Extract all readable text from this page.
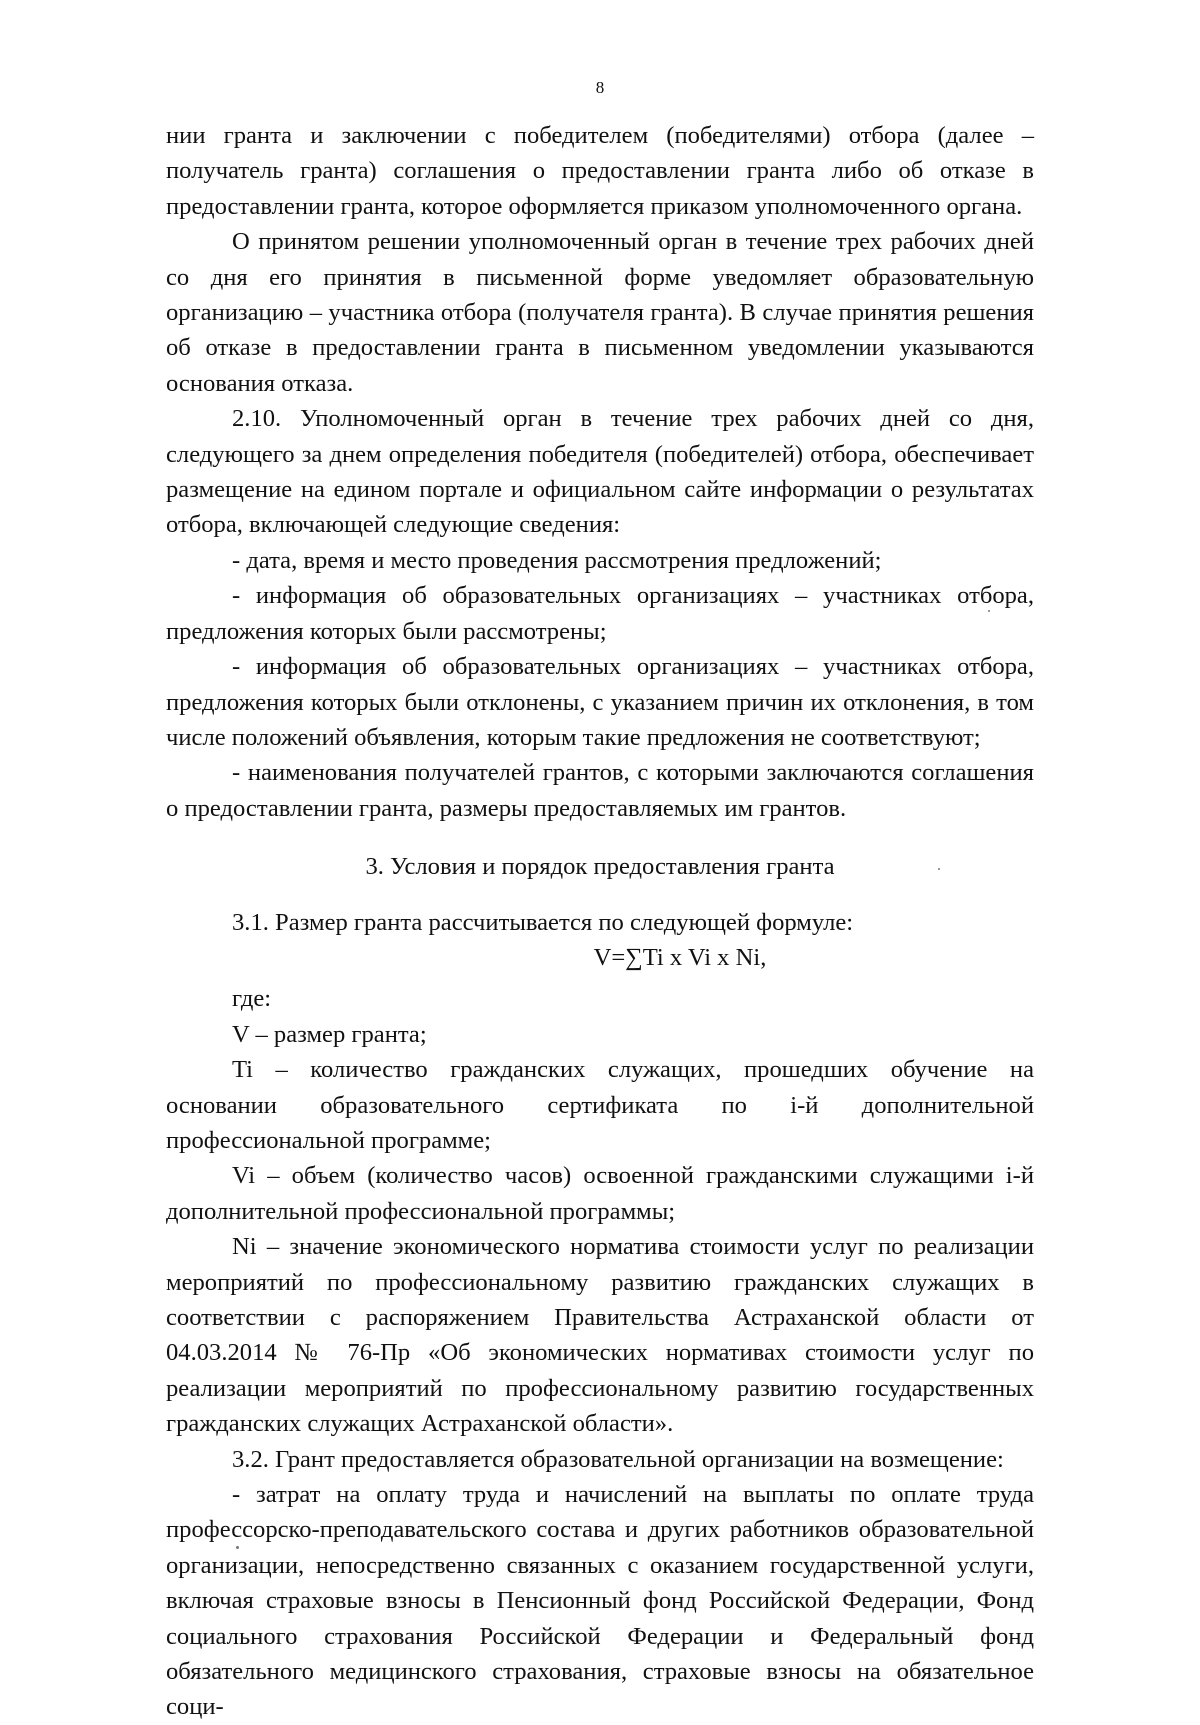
8

нии гранта и заключении с победителем (победителями) отбора (далее – получатель гранта) соглашения о предоставлении гранта либо об отказе в предоставлении гранта, которое оформляется приказом уполномоченного органа.

О принятом решении уполномоченный орган в течение трех рабочих дней со дня его принятия в письменной форме уведомляет образовательную организацию – участника отбора (получателя гранта). В случае принятия решения об отказе в предоставлении гранта в письменном уведомлении указываются основания отказа.

2.10. Уполномоченный орган в течение трех рабочих дней со дня, следующего за днем определения победителя (победителей) отбора, обеспечивает размещение на едином портале и официальном сайте информации о результатах отбора, включающей следующие сведения:

- дата, время и место проведения рассмотрения предложений;

- информация об образовательных организациях – участниках отбора, предложения которых были рассмотрены;

- информация об образовательных организациях – участниках отбора, предложения которых были отклонены, с указанием причин их отклонения, в том числе положений объявления, которым такие предложения не соответствуют;

- наименования получателей грантов, с которыми заключаются соглашения о предоставлении гранта, размеры предоставляемых им грантов.

3. Условия и порядок предоставления гранта

3.1. Размер гранта рассчитывается по следующей формуле:

V=∑Ti x Vi x Ni,

где:

V – размер гранта;

Ti – количество гражданских служащих, прошедших обучение на основании образовательного сертификата по i-й дополнительной профессиональной программе;

Vi – объем (количество часов) освоенной гражданскими служащими i-й дополнительной профессиональной программы;

Ni – значение экономического норматива стоимости услуг по реализации мероприятий по профессиональному развитию гражданских служащих в соответствии с распоряжением Правительства Астраханской области от 04.03.2014 № 76-Пр «Об экономических нормативах стоимости услуг по реализации мероприятий по профессиональному развитию государственных гражданских служащих Астраханской области».

3.2. Грант предоставляется образовательной организации на возмещение:

- затрат на оплату труда и начислений на выплаты по оплате труда профессорско-преподавательского состава и других работников образовательной организации, непосредственно связанных с оказанием государственной услуги, включая страховые взносы в Пенсионный фонд Российской Федерации, Фонд социального страхования Российской Федерации и Федеральный фонд обязательного медицинского страхования, страховые взносы на обязательное соци-
